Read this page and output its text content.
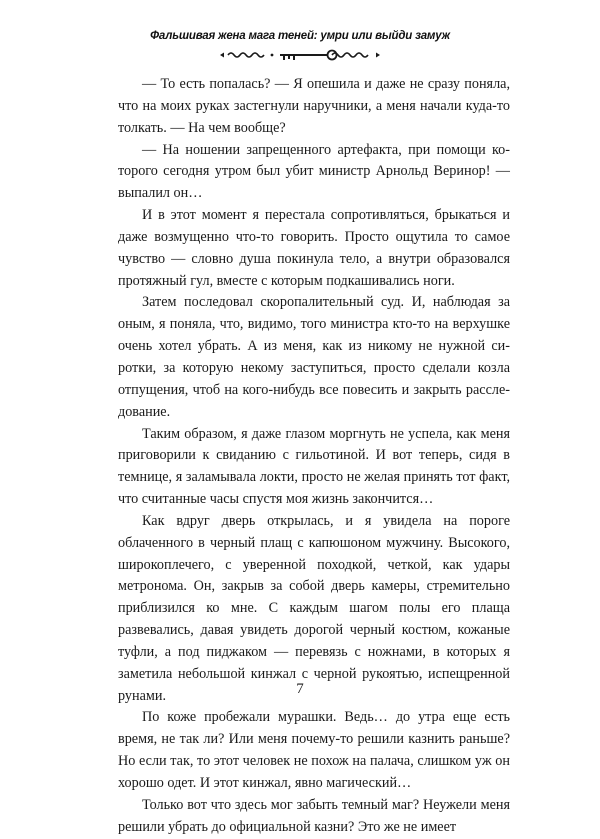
Фальшивая жена мага теней: умри или выйди замуж

— То есть попалась? — Я опешила и даже не сразу поняла, что на моих руках застегнули наручники, а меня начали куда-то толкать. — На чем вообще?

— На ношении запрещенного артефакта, при помощи которого сегодня утром был убит министр Арнольд Веринор! — выпалил он…

И в этот момент я перестала сопротивляться, брыкаться и даже возмущенно что-то говорить. Просто ощутила то самое чувство — словно душа покинула тело, а внутри образовался протяжный гул, вместе с которым подкашивались ноги.

Затем последовал скоропалительный суд. И, наблюдая за оным, я поняла, что, видимо, того министра кто-то на верхушке очень хотел убрать. А из меня, как из никому не нужной сиротки, за которую некому заступиться, просто сделали козла отпущения, чтоб на кого-нибудь все повесить и закрыть расследование.

Таким образом, я даже глазом моргнуть не успела, как меня приговорили к свиданию с гильотиной. И вот теперь, сидя в темнице, я заламывала локти, просто не желая принять тот факт, что считанные часы спустя моя жизнь закончится…

Как вдруг дверь открылась, и я увидела на пороге облаченного в черный плащ с капюшоном мужчину. Высокого, широкоплечего, с уверенной походкой, четкой, как удары метронома. Он, закрыв за собой дверь камеры, стремительно приблизился ко мне. С каждым шагом полы его плаща развевались, давая увидеть дорогой черный костюм, кожаные туфли, а под пиджаком — перевязь с ножнами, в которых я заметила небольшой кинжал с черной рукоятью, испещренной рунами.

По коже пробежали мурашки. Ведь… до утра еще есть время, не так ли? Или меня почему-то решили казнить раньше? Но если так, то этот человек не похож на палача, слишком уж он хорошо одет. И этот кинжал, явно магический…

Только вот что здесь мог забыть темный маг? Неужели меня решили убрать до официальной казни? Это же не имеет

7
